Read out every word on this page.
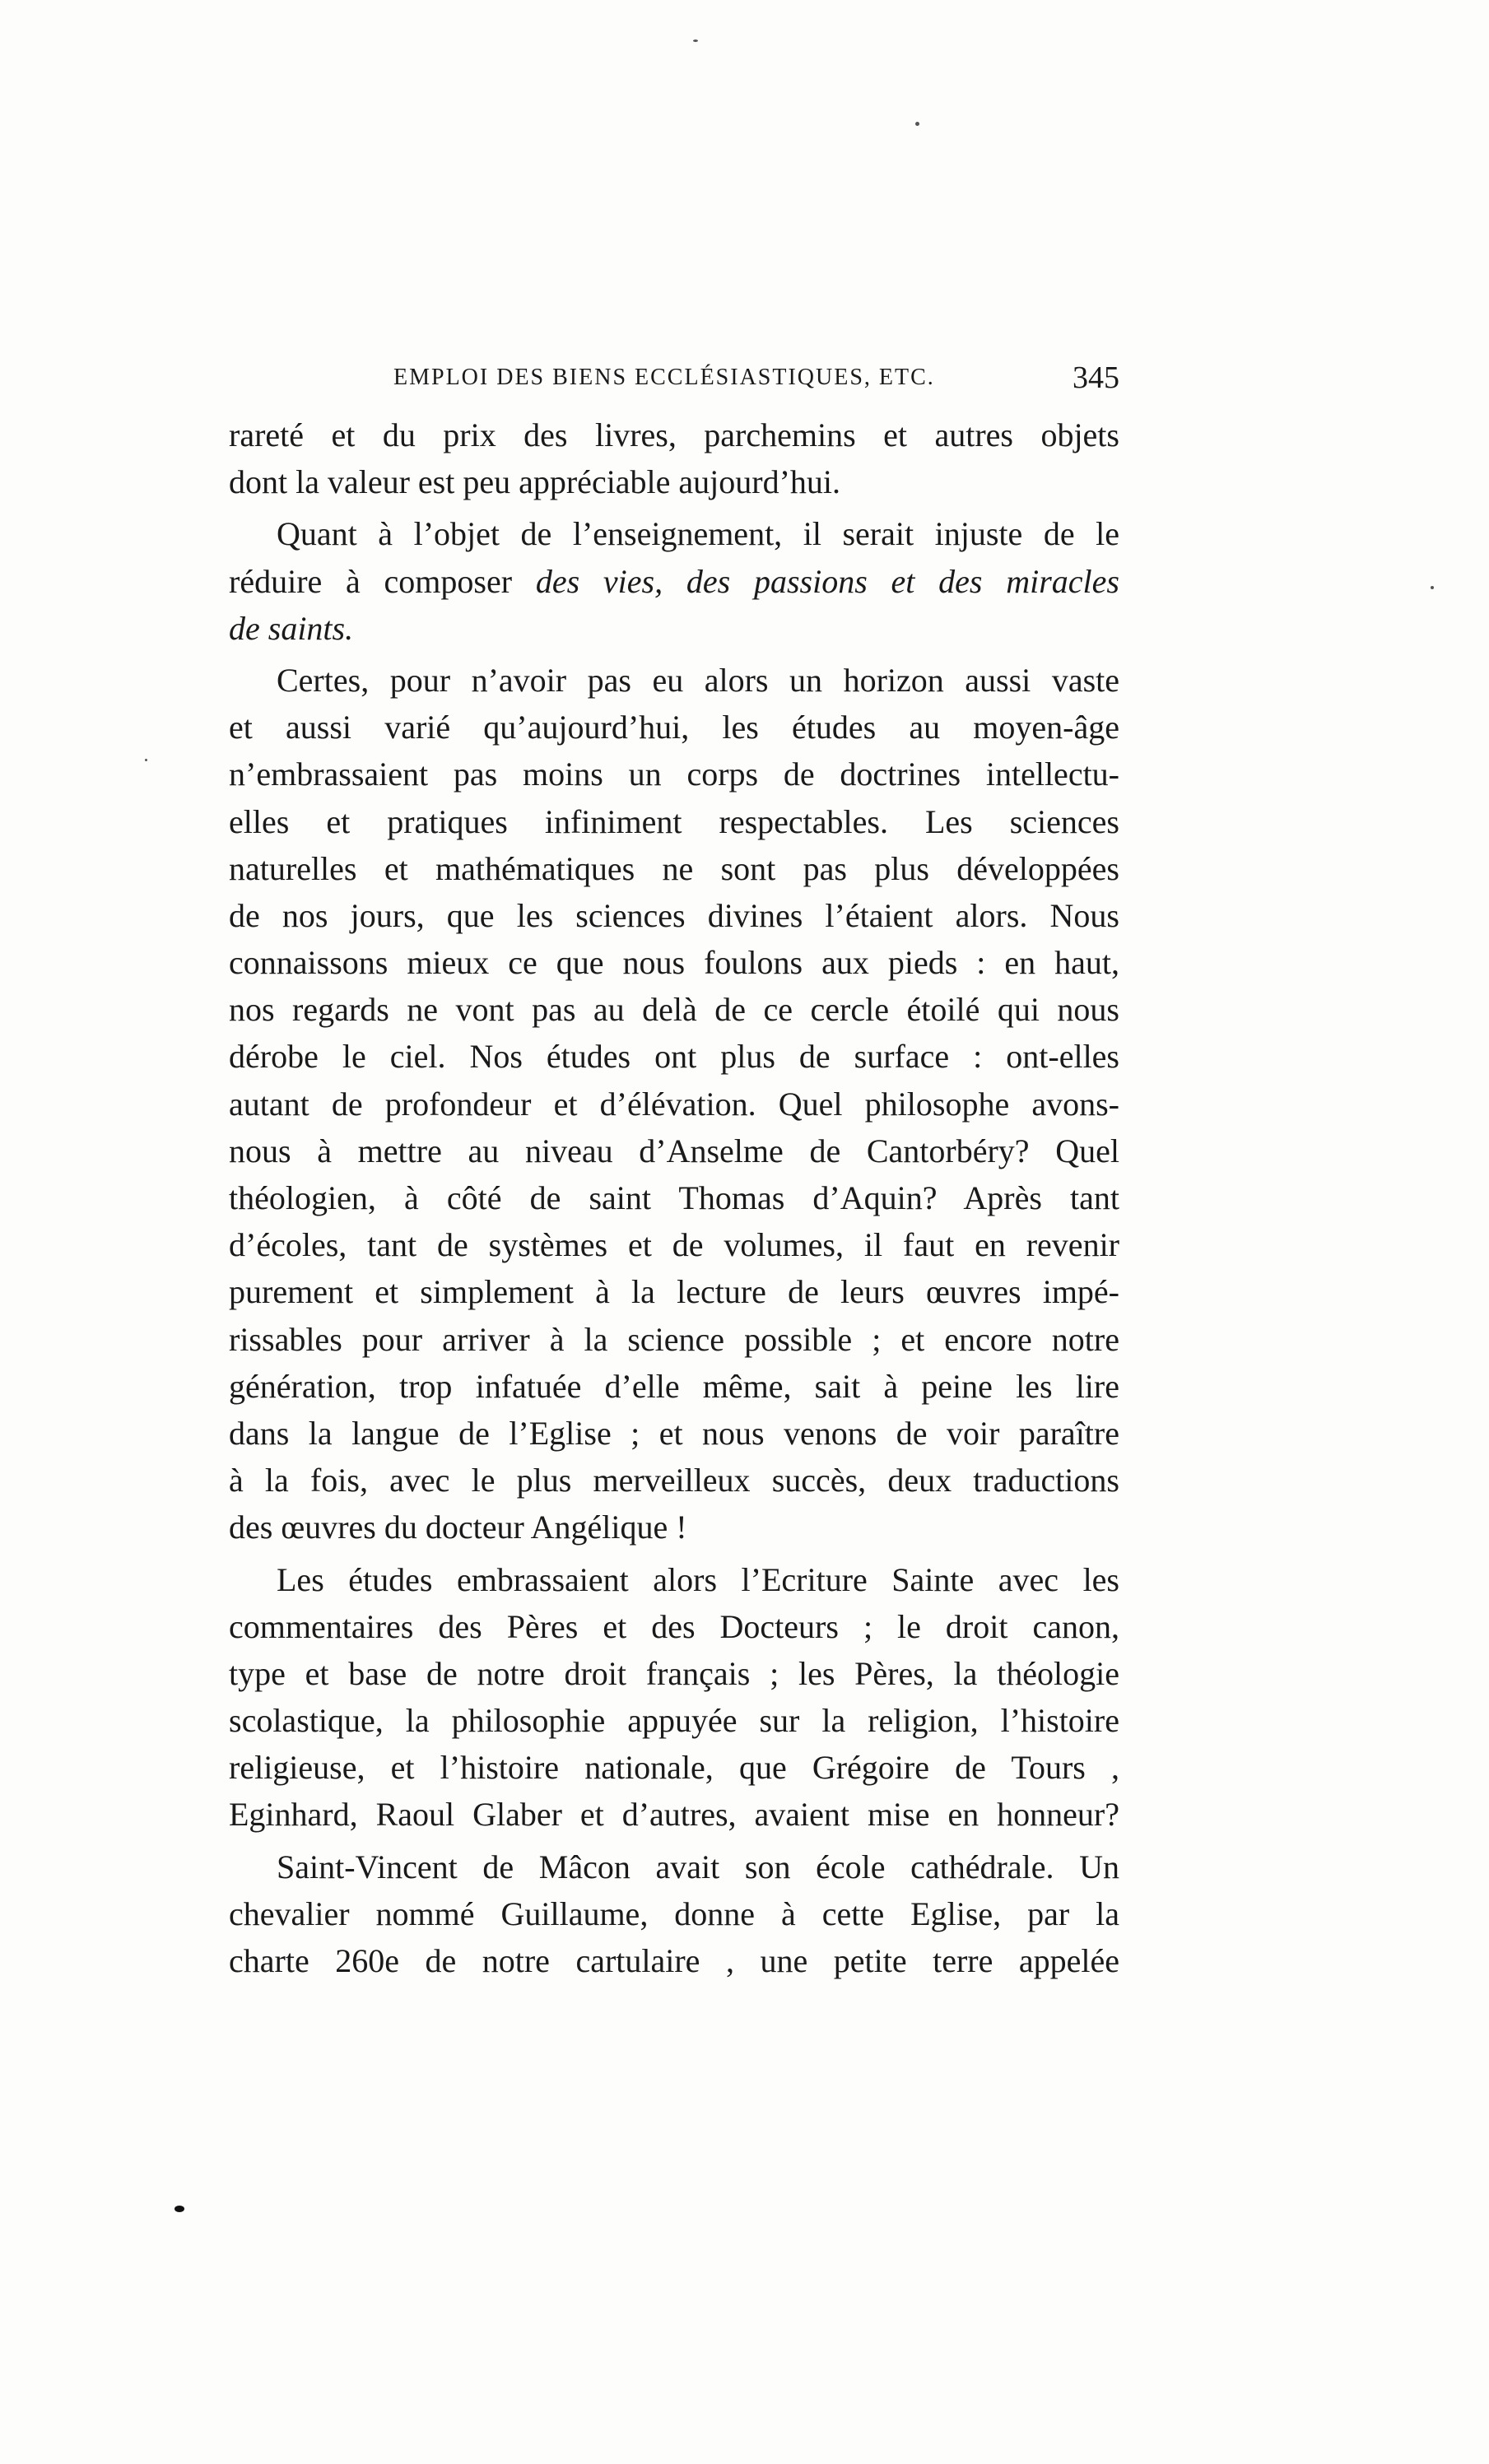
EMPLOI DES BIENS ECCLÉSIASTIQUES, ETC.	345
rareté et du prix des livres, parchemins et autres objets
dont la valeur est peu appréciable aujourd’hui.
Quant à l’objet de l’enseignement, il serait injuste de le
réduire à composer des vies, des passions et des miracles
de saints.
Certes, pour n’avoir pas eu alors un horizon aussi vaste
et aussi varié qu’aujourd’hui, les études au moyen-âge
n’embrassaient pas moins un corps de doctrines intellectu-
elles et pratiques infiniment respectables. Les sciences
naturelles et mathématiques ne sont pas plus développées
de nos jours, que les sciences divines l’étaient alors. Nous
connaissons mieux ce que nous foulons aux pieds : en haut,
nos regards ne vont pas au delà de ce cercle étoilé qui nous
dérobe le ciel. Nos études ont plus de surface : ont-elles
autant de profondeur et d’élévation. Quel philosophe avons-
nous à mettre au niveau d’Anselme de Cantorbéry? Quel
théologien, à côté de saint Thomas d’Aquin? Après tant
d’écoles, tant de systèmes et de volumes, il faut en revenir
purement et simplement à la lecture de leurs œuvres impé-
rissables pour arriver à la science possible ; et encore notre
génération, trop infatuée d’elle même, sait à peine les lire
dans la langue de l’Eglise ; et nous venons de voir paraître
à la fois, avec le plus merveilleux succès, deux traductions
des œuvres du docteur Angélique !
Les études embrassaient alors l’Ecriture Sainte avec les
commentaires des Pères et des Docteurs ; le droit canon,
type et base de notre droit français ; les Pères, la théologie
scolastique, la philosophie appuyée sur la religion, l’histoire
religieuse, et l’histoire nationale, que Grégoire de Tours ,
Eginhard, Raoul Glaber et d’autres, avaient mise en honneur?
Saint-Vincent de Mâcon avait son école cathédrale. Un
chevalier nommé Guillaume, donne à cette Eglise, par la
charte 260e de notre cartulaire , une petite terre appelée
